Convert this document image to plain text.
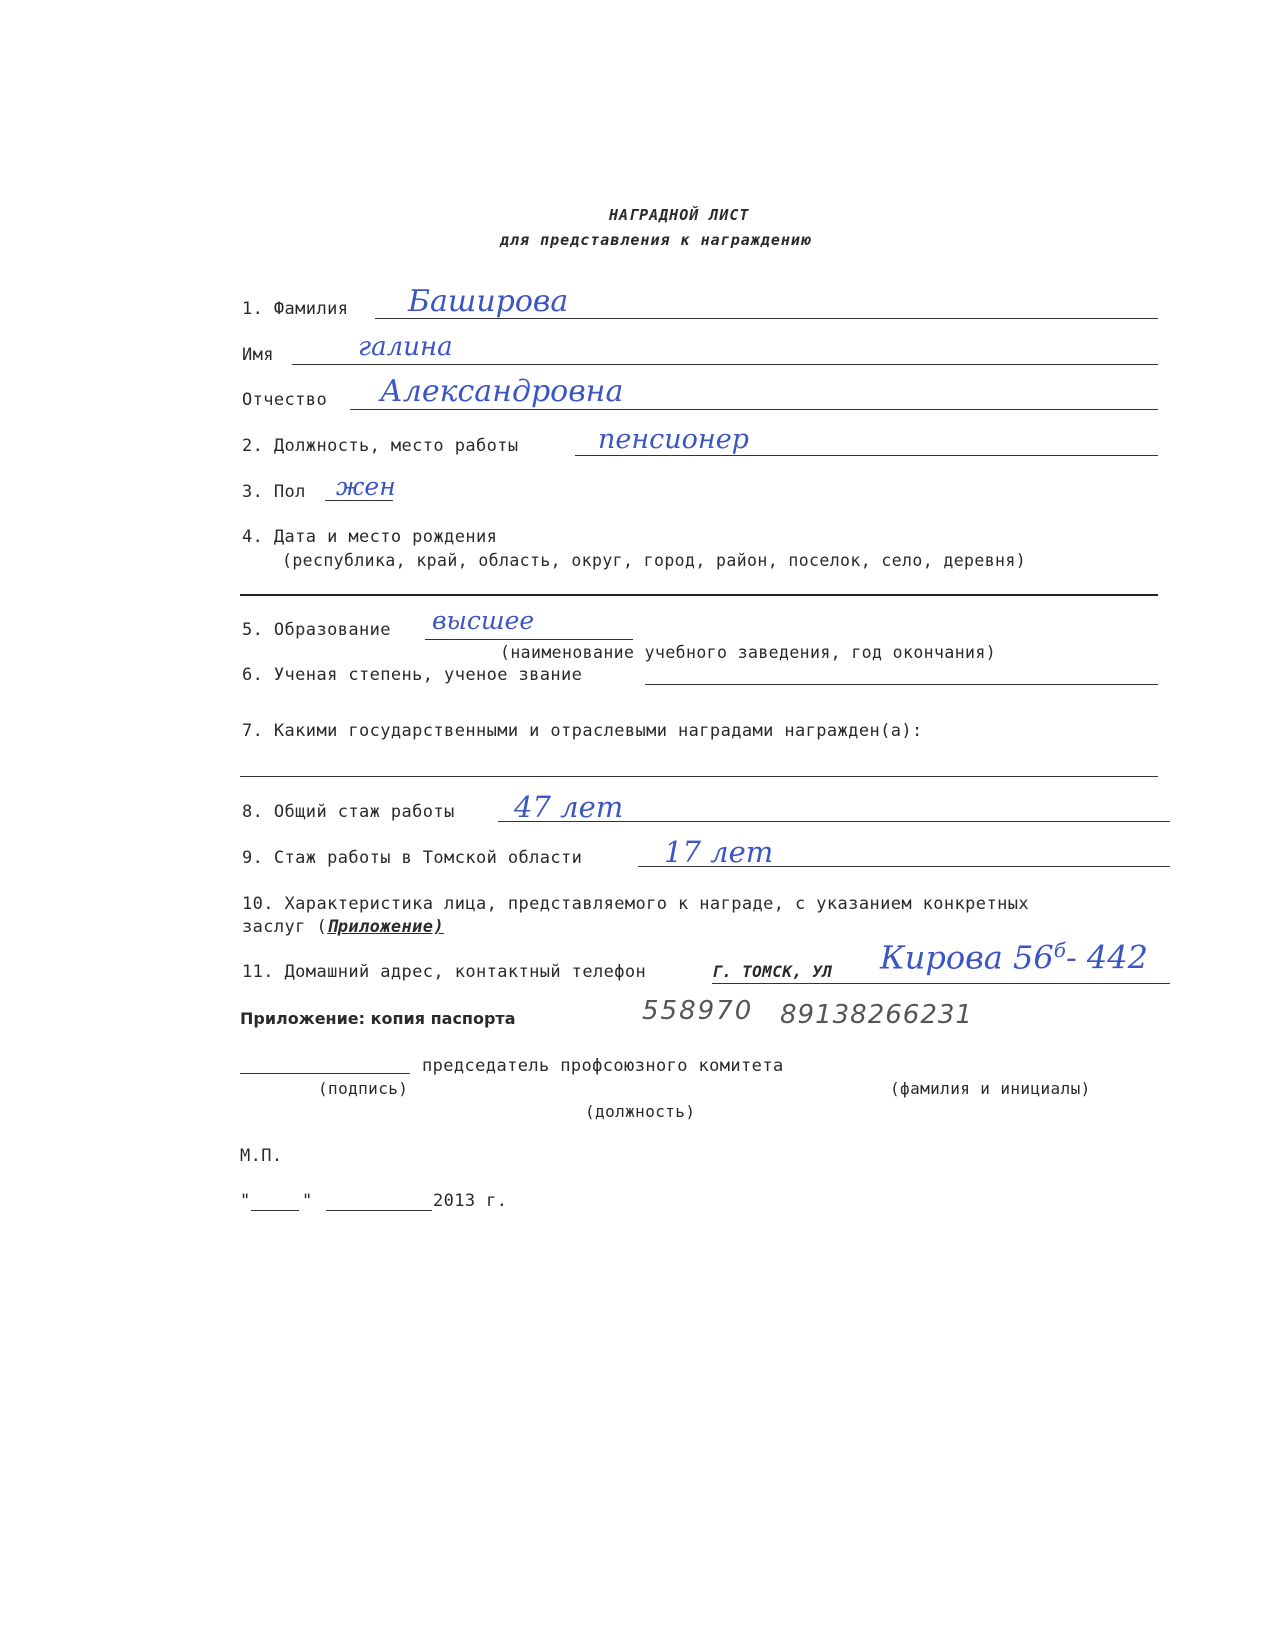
НАГРАДНОЙ ЛИСТ
для представления к награждению
1. Фамилия Баширова
Имя	галина
Отчество Александровна
2. Должность, место работы	пенсионер
3. Пол жен
4. Дата и место рождения
(республика, край, область, округ, город, район, поселок, село, деревня)
5. Образование высшее
(наименование учебного заведения, год окончания)
6. Ученая степень, ученое звание
7. Какими государственными и отраслевыми наградами награжден(а):
8. Общий стаж работы 47 лет
9. Стаж работы в Томской области	17 лет
10. Характеристика лица, представляемого к награде, с указанием конкретных
заслуг (Приложение)
11. Домашний адрес, контактный телефон	Г. ТОМСК, УЛ Кирова $56^б-$ 442
Приложение: копия паспорта	558970 89138266231
председатель профсоюзного комитета
(подпись)	(фамилия и инициалы)
(должность)
М.П.
"	"	2013 г.
